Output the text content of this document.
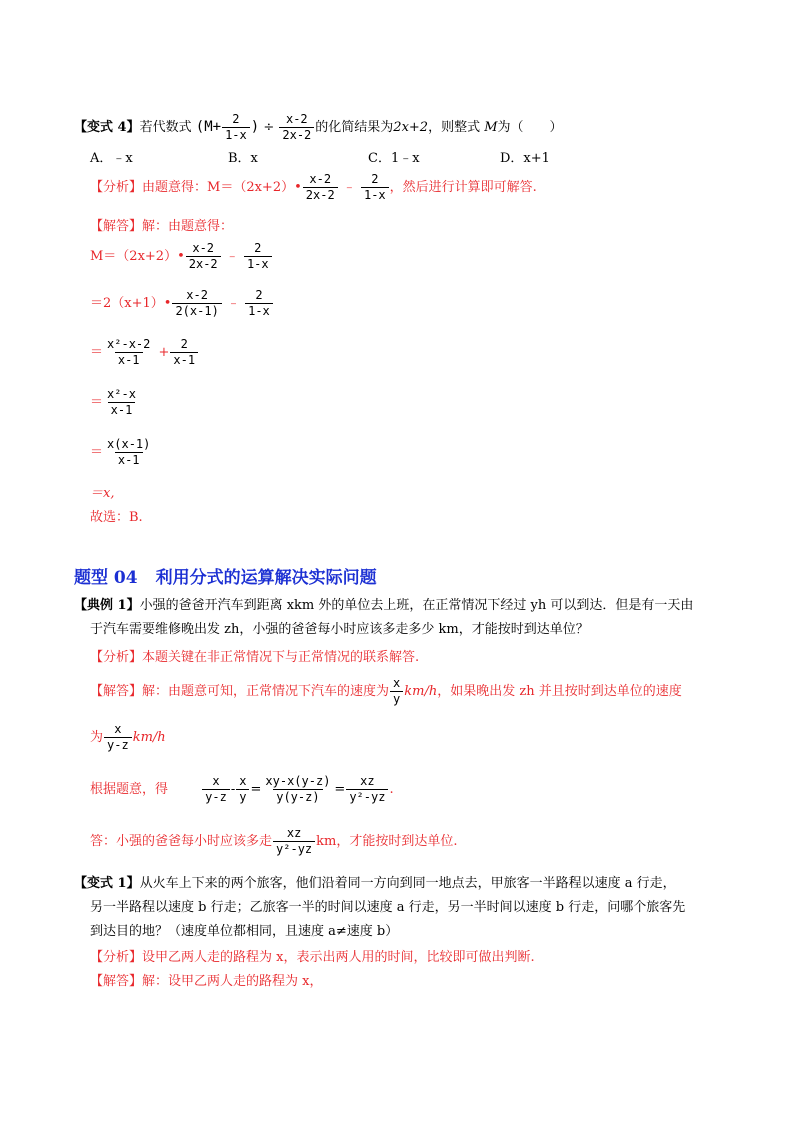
【变式 4】若代数式 ($M+ \frac{2}{1-x}$ ) ÷ $\frac{x-2}{2x-2}$ 的化简结果为2x+2，则整式 M为（　　）
A．﹣x	B．x	C．1﹣x	D．x+1
【分析】由题意得：M＝（2x+2）• $\frac{x-2}{2x-2}$ ﹣ $\frac{2}{1-x}$ ，然后进行计算即可解答.
【解答】解：由题意得：
M＝（2x+2）• $\frac{x-2}{2x-2}$ ﹣ $\frac{2}{1-x}$
＝2（x+1）• $\frac{x-2}{2(x-1)}$ ﹣ $\frac{2}{1-x}$
＝ $\frac{\text{x²-x-2}}{x-1} + \frac{2}{x-1}$
＝ $\frac{\text{x²-x}}{x-1}$
＝ $\frac{x(x-1)}{x-1}$
＝x,
故选：B.
题型 04 利用分式的运算解决实际问题
【典例 1】小强的爸爸开汽车到距离 xkm 外的单位去上班，在正常情况下经过 yh 可以到达．但是有一天由
于汽车需要维修晚出发 zh，小强的爸爸每小时应该多走多少 km，才能按时到达单位？
【分析】本题关键在非正常情况下与正常情况的联系解答.
【解答】解：由题意可知，正常情况下汽车的速度为 $\frac{x}{y} km/h$，如果晚出发 zh 并且按时到达单位的速度
为 $\frac{x}{y-z} km/h$
根据题意，得	$\frac{x}{y-z} - \frac{x}{y} = \frac{xy-x(y-z)}{y(y-z)} = \frac{xz}{\text{y²-yz}}$ .
答：小强的爸爸每小时应该多走 $\frac{xz}{\text{y²-yz}}$ km，才能按时到达单位.
【变式 1】从火车上下来的两个旅客，他们沿着同一方向到同一地点去，甲旅客一半路程以速度 a 行走，
另一半路程以速度 b 行走；乙旅客一半的时间以速度 a 行走，另一半时间以速度 b 行走，问哪个旅客先
到达目的地？（速度单位都相同，且速度 a≠速度 b）
【分析】设甲乙两人走的路程为 x，表示出两人用的时间，比较即可做出判断.
【解答】解：设甲乙两人走的路程为 x，
